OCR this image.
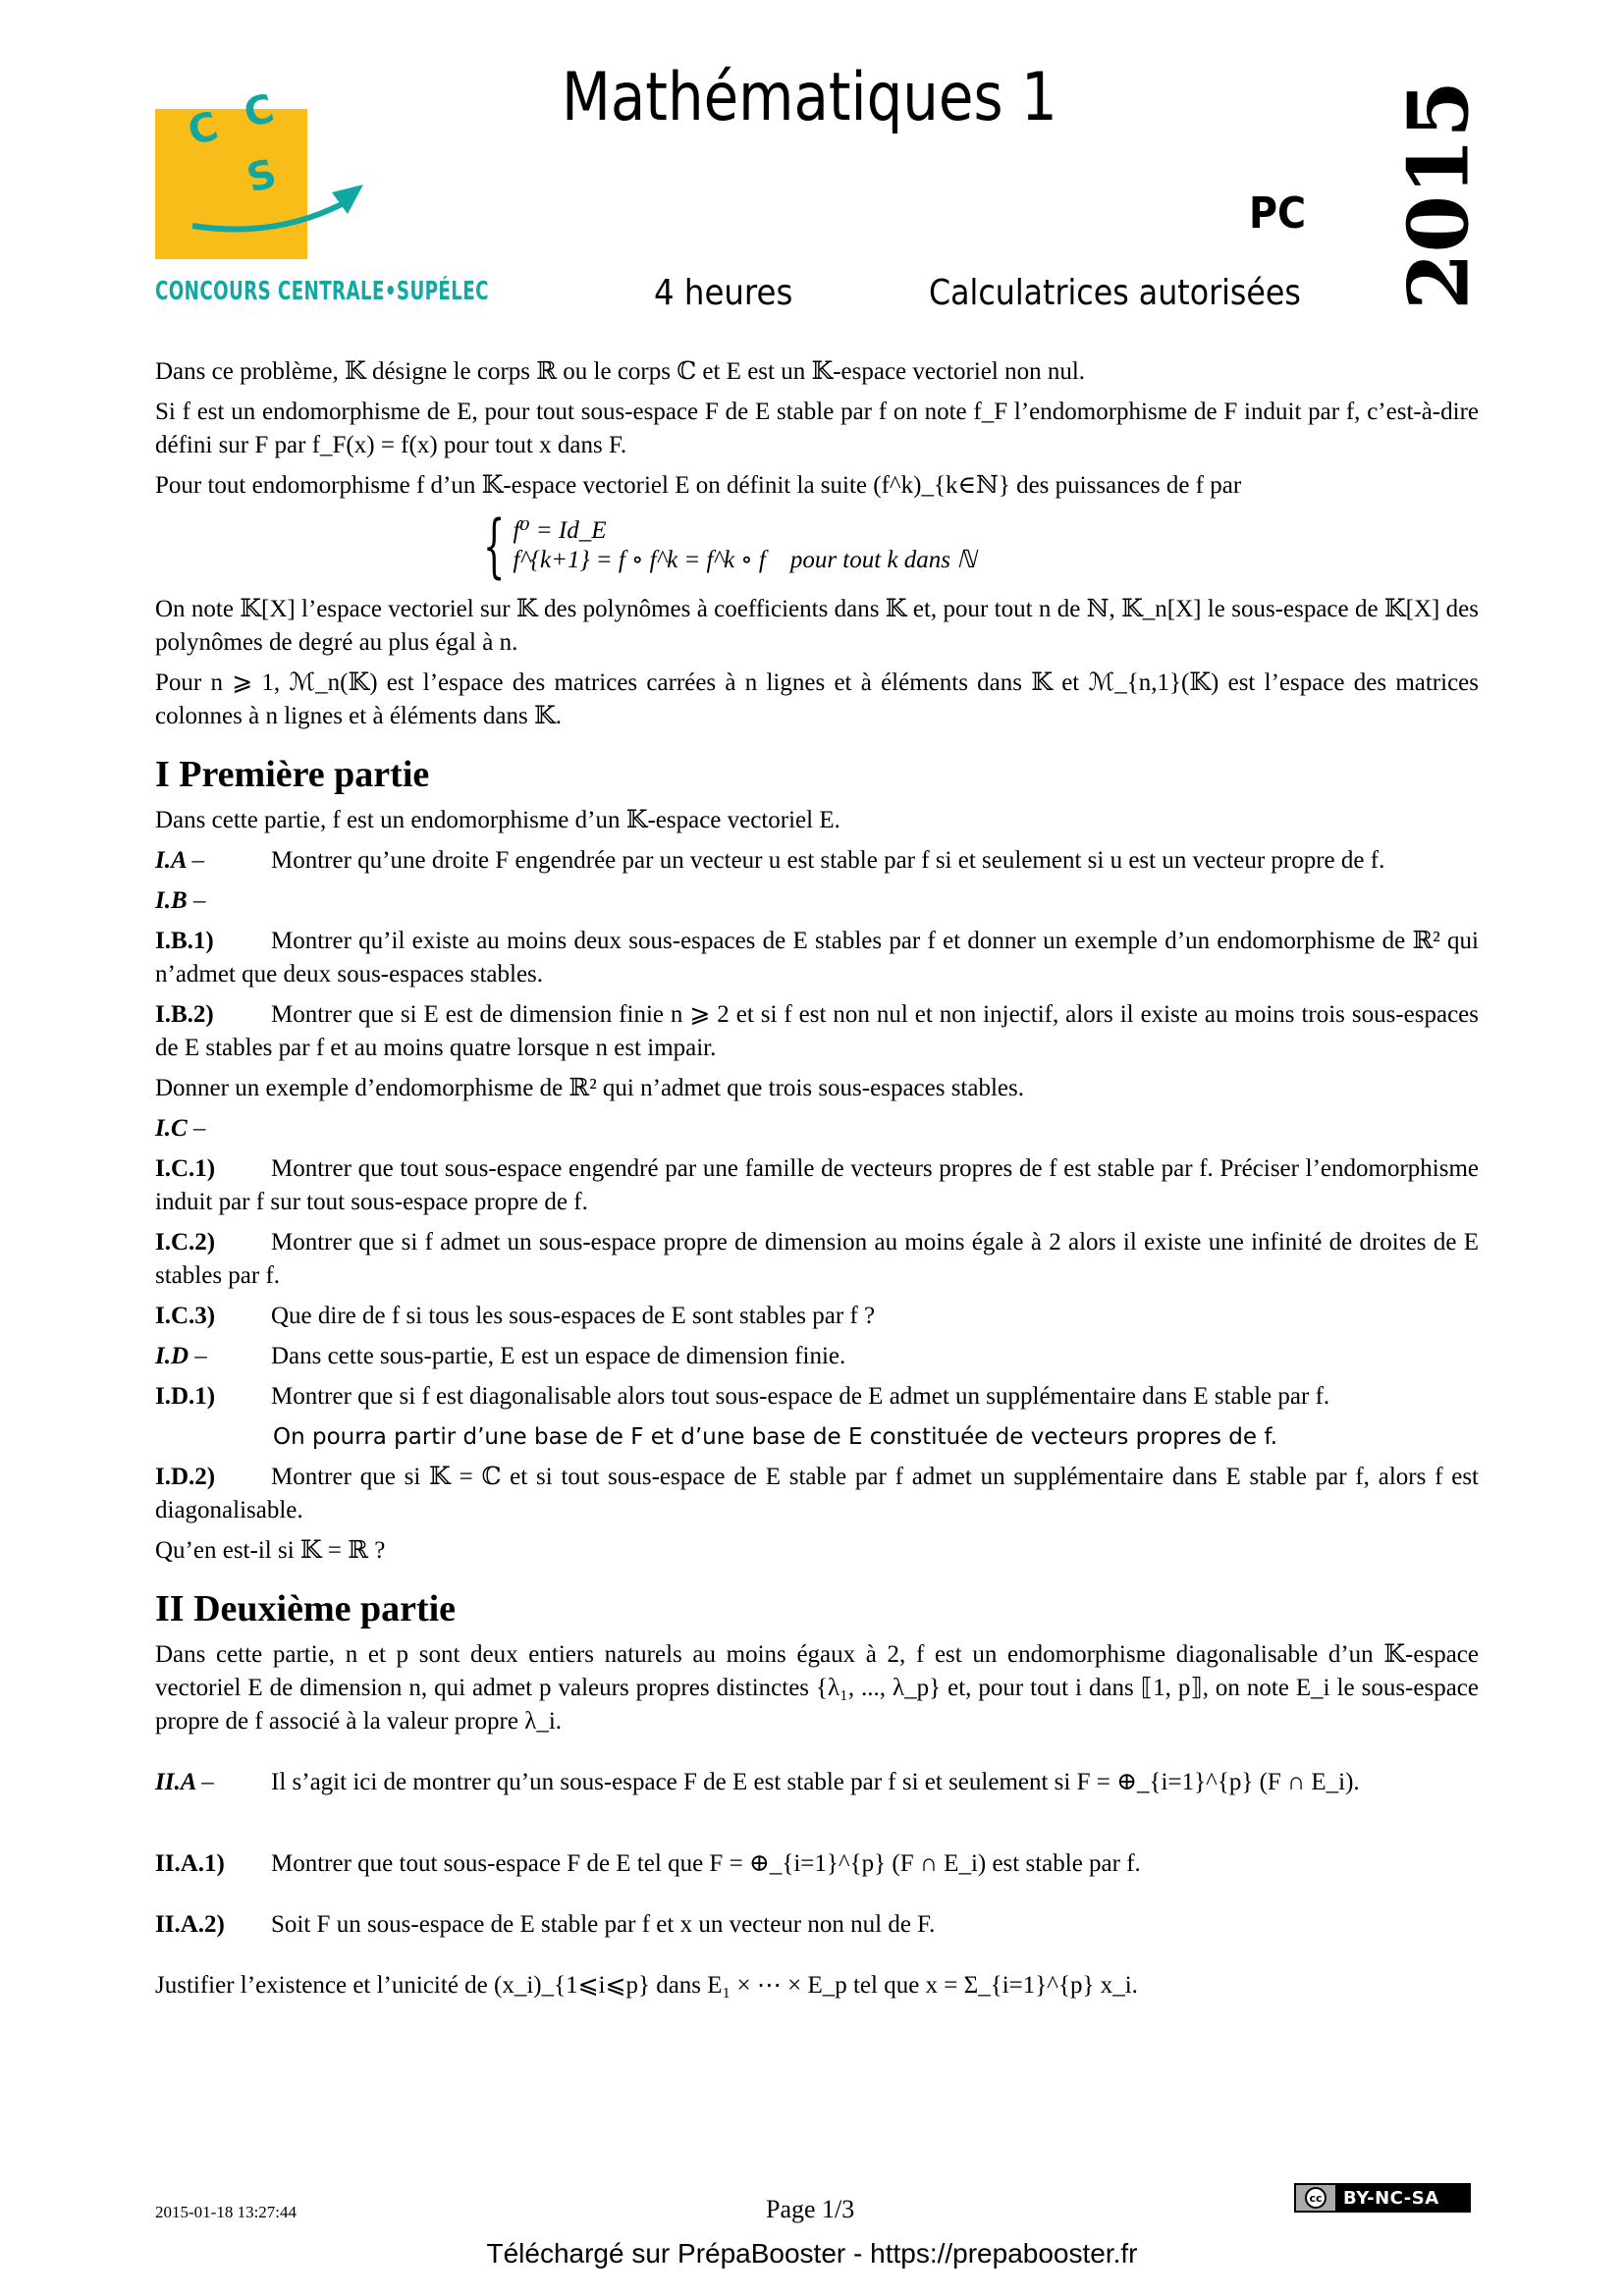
C C
S
CONCOURS CENTRALE•SUPÉLEC
Mathématiques 1
PC
4 heures	Calculatrices autorisées 2015

Dans ce problème, 𝕂 désigne le corps ℝ ou le corps ℂ et E est un 𝕂-espace vectoriel non nul.

Si f est un endomorphisme de E, pour tout sous-espace F de E stable par f on note f_F l’endomorphisme de F induit par f, c’est-à-dire défini sur F par f_F(x) = f(x) pour tout x dans F.

Pour tout endomorphisme f d’un 𝕂-espace vectoriel E on définit la suite (f^k)_{k∈ℕ} des puissances de f par

{ f⁰ = Id_E
f^{k+1} = f ∘ f^k = f^k ∘ f    pour tout k dans ℕ

On note 𝕂[X] l’espace vectoriel sur 𝕂 des polynômes à coefficients dans 𝕂 et, pour tout n de ℕ, 𝕂_n[X] le sous-espace de 𝕂[X] des polynômes de degré au plus égal à n.

Pour n ⩾ 1, ℳ_n(𝕂) est l’espace des matrices carrées à n lignes et à éléments dans 𝕂 et ℳ_{n,1}(𝕂) est l’espace des matrices colonnes à n lignes et à éléments dans 𝕂.

I Première partie

Dans cette partie, f est un endomorphisme d’un 𝕂-espace vectoriel E.

I.A –	Montrer qu’une droite F engendrée par un vecteur u est stable par f si et seulement si u est un vecteur propre de f.

I.B –

I.B.1) Montrer qu’il existe au moins deux sous-espaces de E stables par f et donner un exemple d’un endomorphisme de ℝ² qui n’admet que deux sous-espaces stables.

I.B.2) Montrer que si E est de dimension finie n ⩾ 2 et si f est non nul et non injectif, alors il existe au moins trois sous-espaces de E stables par f et au moins quatre lorsque n est impair.

Donner un exemple d’endomorphisme de ℝ² qui n’admet que trois sous-espaces stables.

I.C –

I.C.1) Montrer que tout sous-espace engendré par une famille de vecteurs propres de f est stable par f. Préciser l’endomorphisme induit par f sur tout sous-espace propre de f.

I.C.2) Montrer que si f admet un sous-espace propre de dimension au moins égale à 2 alors il existe une infinité de droites de E stables par f.

I.C.3) Que dire de f si tous les sous-espaces de E sont stables par f ?

I.D –	Dans cette sous-partie, E est un espace de dimension finie.

I.D.1) Montrer que si f est diagonalisable alors tout sous-espace de E admet un supplémentaire dans E stable par f.

On pourra partir d’une base de F et d’une base de E constituée de vecteurs propres de f.

I.D.2) Montrer que si 𝕂 = ℂ et si tout sous-espace de E stable par f admet un supplémentaire dans E stable par f, alors f est diagonalisable.

Qu’en est-il si 𝕂 = ℝ ?

II Deuxième partie

Dans cette partie, n et p sont deux entiers naturels au moins égaux à 2, f est un endomorphisme diagonalisable d’un 𝕂-espace vectoriel E de dimension n, qui admet p valeurs propres distinctes {λ₁, ..., λ_p} et, pour tout i dans ⟦1, p⟧, on note E_i le sous-espace propre de f associé à la valeur propre λ_i.

II.A – Il s’agit ici de montrer qu’un sous-espace F de E est stable par f si et seulement si F = ⊕_{i=1}^{p} (F ∩ E_i).

II.A.1) Montrer que tout sous-espace F de E tel que F = ⊕_{i=1}^{p} (F ∩ E_i) est stable par f.

II.A.2) Soit F un sous-espace de E stable par f et x un vecteur non nul de F.

Justifier l’existence et l’unicité de (x_i)_{1⩽i⩽p} dans E₁ × ⋯ × E_p tel que x = Σ_{i=1}^{p} x_i.

2015-01-18 13:27:44	Page 1/3	cc BY-NC-SA
Téléchargé sur PrépaBooster - https://prepabooster.fr
